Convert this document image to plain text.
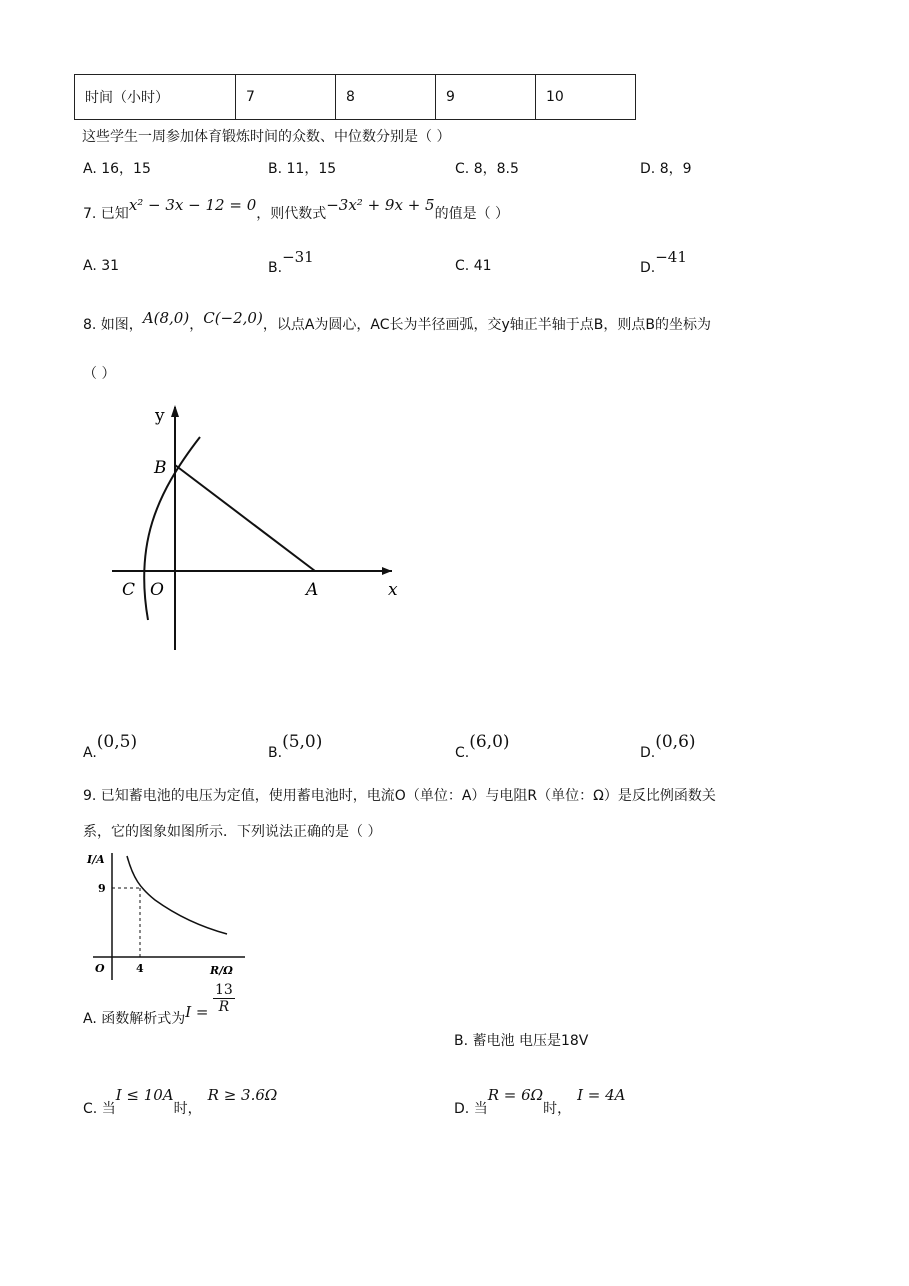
时间（小时）	7	8	9	10
这些学生一周参加体育锻炼时间的众数、中位数分别是（ ）
A. 16，15	B. 11，15	C. 8，8.5	D. 8，9
7. 已知x² − 3x − 12 = 0，则代数式−3x² + 9x + 5的值是（ ）
A. 31	B.−31	C. 41	D.−41
8. 如图，A(8,0)，C(−2,0)，以点A为圆心，AC长为半径画弧，交y轴正半轴于点B，则点B的坐标为
（ ）
y
x
B
C O	A
A.(0,5)
B.(5,0)
C.(6,0)
D.(0,6)
9. 已知蓄电池的电压为定值，使用蓄电池时，电流O（单位：A）与电阻R（单位：Ω）是反比例函数关
系，它的图象如图所示．下列说法正确的是（ ）
I/A
9
O	4	R/Ω
A. 函数解析式为$I = \frac{13}{R}$
B. 蓄电池 电压是18V
C. 当I ≤ 10A时，R ≥ 3.6Ω
D. 当R = 6Ω时，I = 4A
